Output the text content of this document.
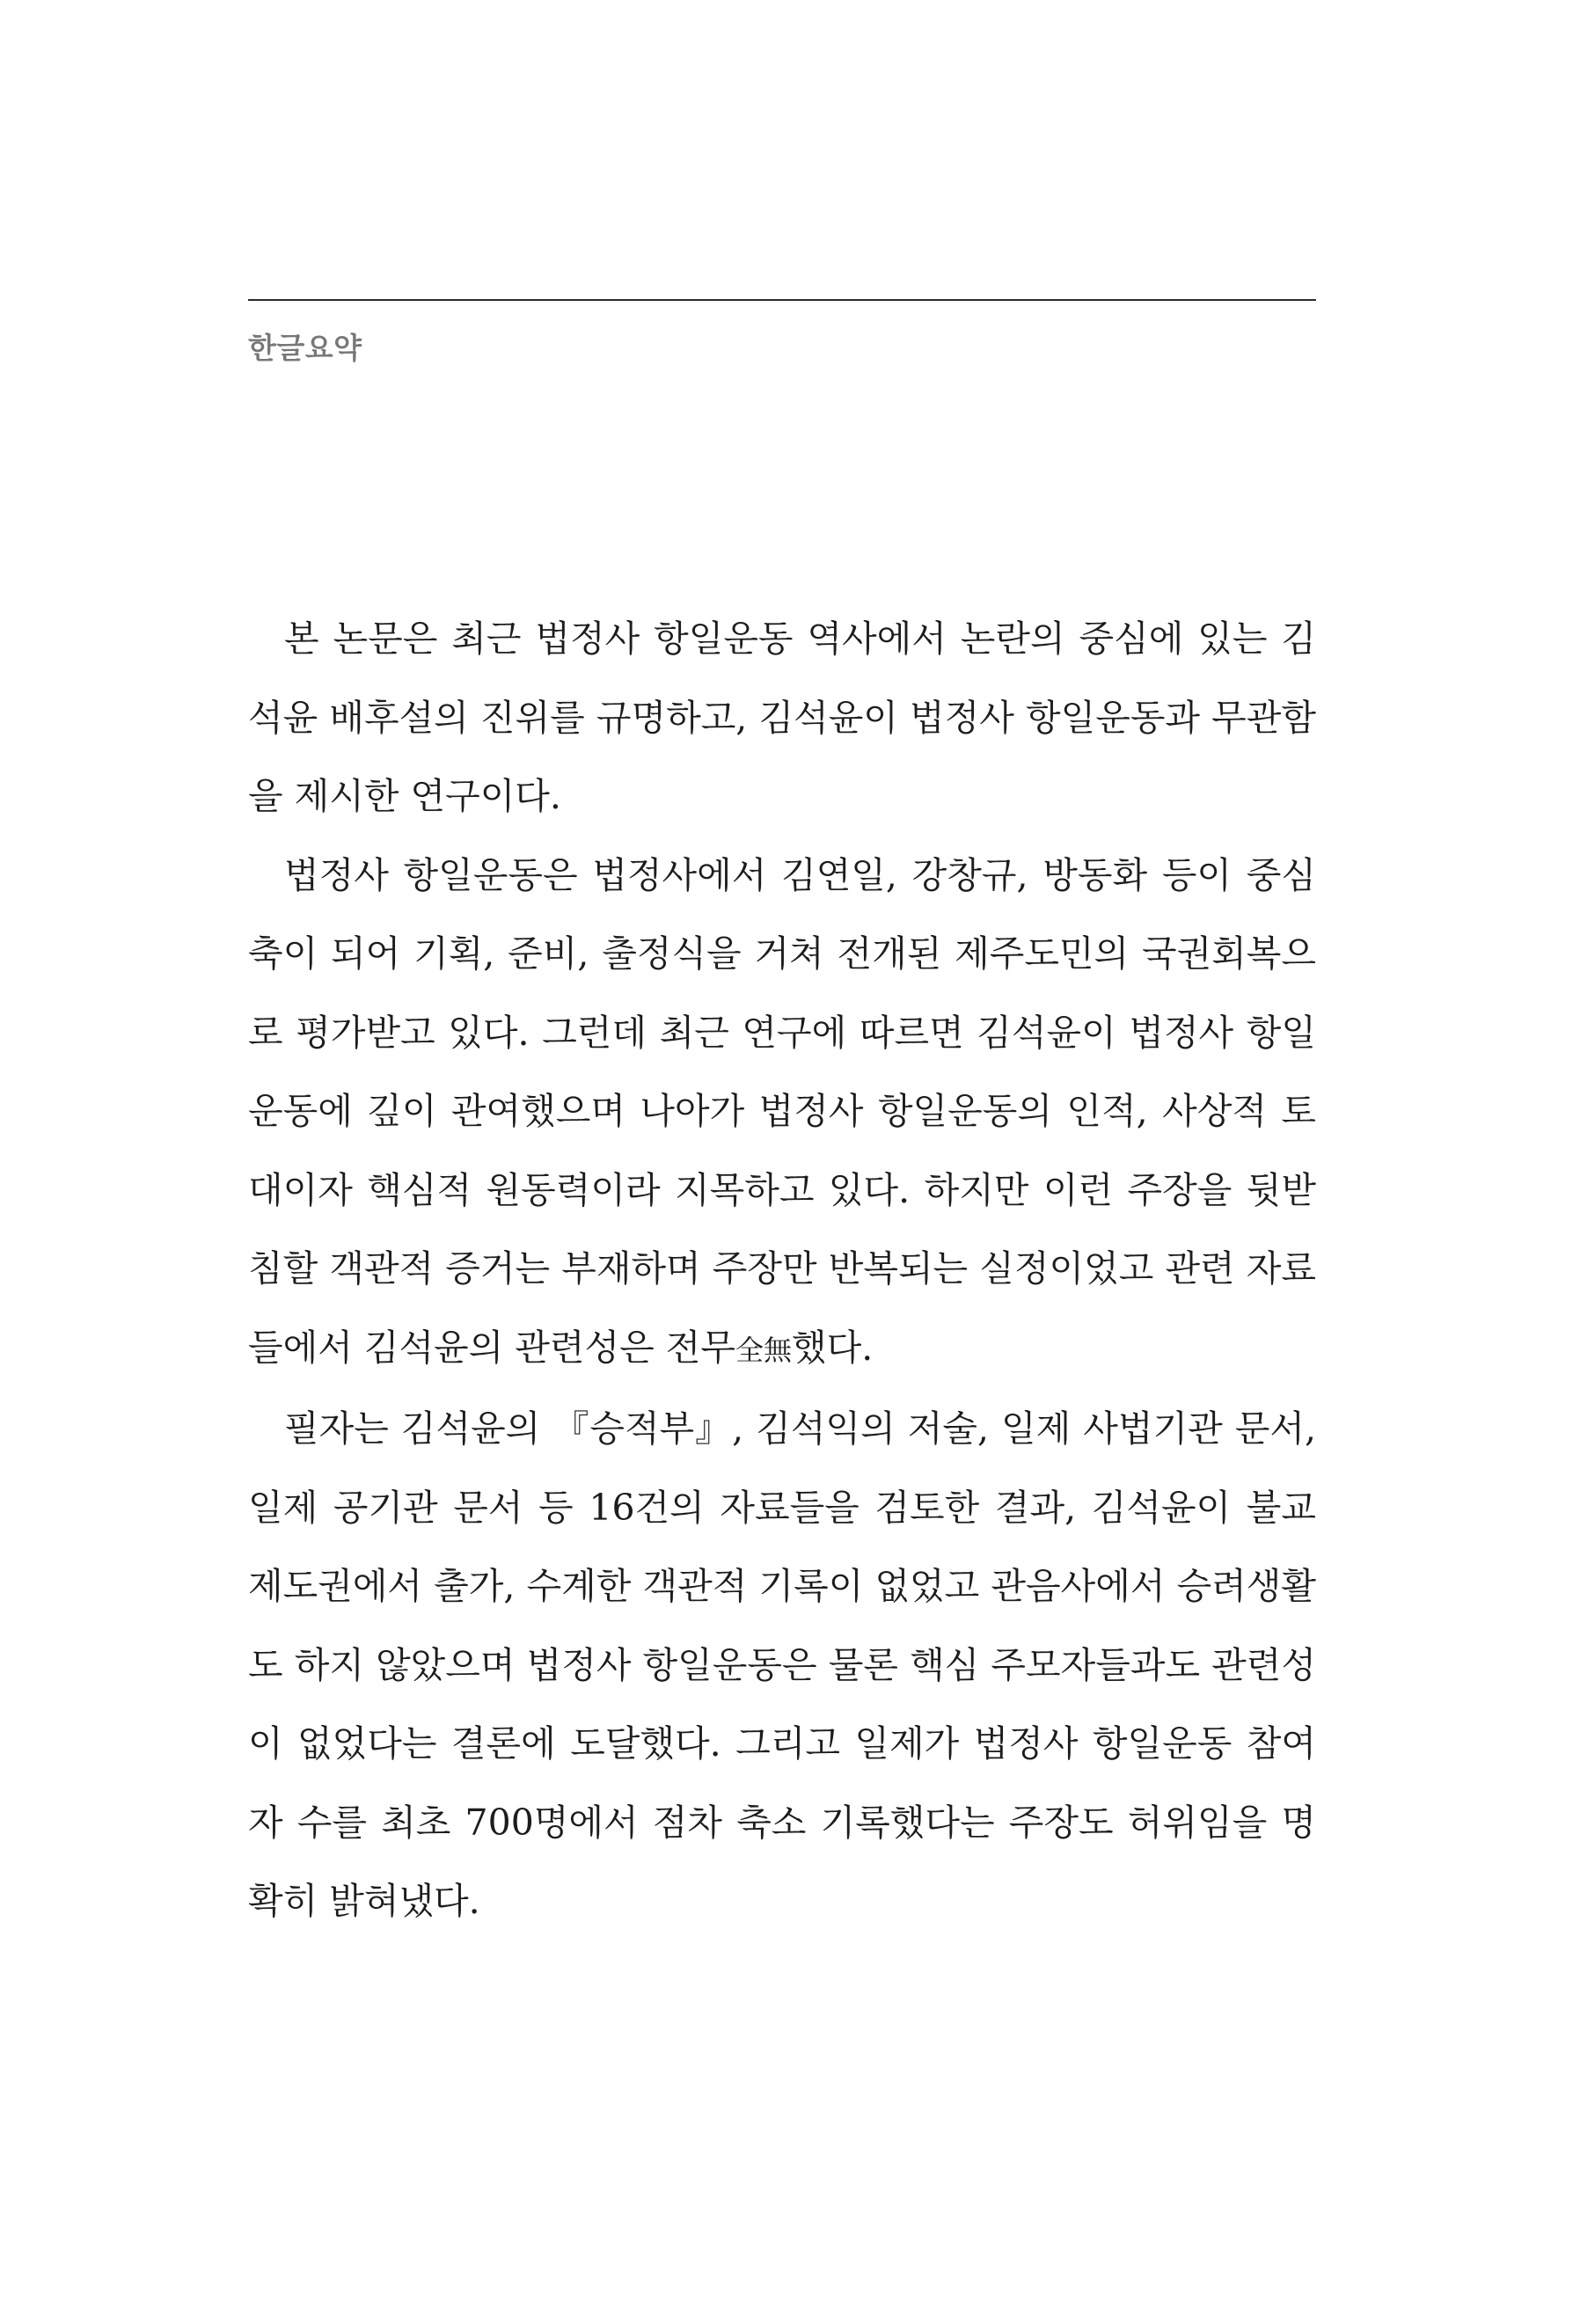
한글요약

본 논문은 최근 법정사 항일운동 역사에서 논란의 중심에 있는 김석윤 배후설의 진위를 규명하고, 김석윤이 법정사 항일운동과 무관함을 제시한 연구이다.

법정사 항일운동은 법정사에서 김연일, 강창규, 방동화 등이 중심축이 되어 기획, 준비, 출정식을 거쳐 전개된 제주도민의 국권회복으로 평가받고 있다. 그런데 최근 연구에 따르면 김석윤이 법정사 항일운동에 깊이 관여했으며 나아가 법정사 항일운동의 인적, 사상적 토대이자 핵심적 원동력이라 지목하고 있다. 하지만 이런 주장을 뒷받침할 객관적 증거는 부재하며 주장만 반복되는 실정이었고 관련 자료들에서 김석윤의 관련성은 전무全無했다.

필자는 김석윤의 『승적부』, 김석익의 저술, 일제 사법기관 문서, 일제 공기관 문서 등 16건의 자료들을 검토한 결과, 김석윤이 불교 제도권에서 출가, 수계한 객관적 기록이 없었고 관음사에서 승려생활도 하지 않았으며 법정사 항일운동은 물론 핵심 주모자들과도 관련성이 없었다는 결론에 도달했다. 그리고 일제가 법정사 항일운동 참여자 수를 최초 700명에서 점차 축소 기록했다는 주장도 허위임을 명확히 밝혀냈다.
